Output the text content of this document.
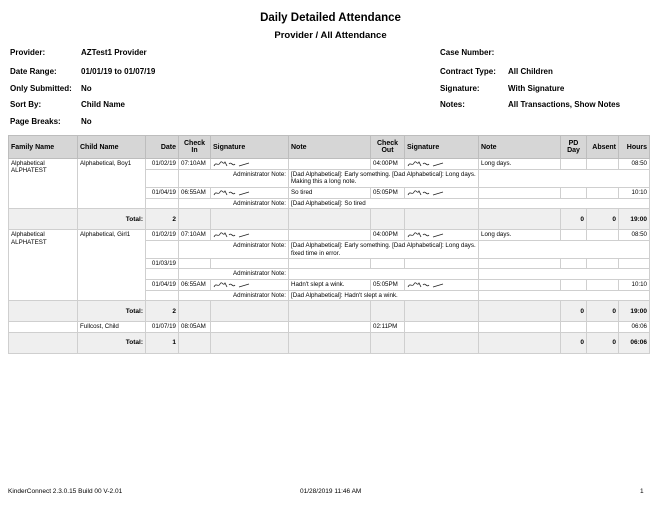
Daily Detailed Attendance
Provider / All Attendance
Provider:	AZTest1 Provider
Date Range:	01/01/19 to 01/07/19
Only Submitted: No
Sort By:	Child Name
Page Breaks:	No
Case Number:
Contract Type: All Children
Signature:	With Signature
Notes:	All Transactions, Show Notes
Family Name	Child Name	Date	Check In	Signature	Note	Check Out	Signature	Note	PD Day	Absent	Hours
Alphabetical ALPHATEST	Alphabetical, Boy1	01/02/19	07:10AM			04:00PM		Long days.			08:50
			Administrator Note:		[Dad Alphabetical]: Early something. [Dad Alphabetical]: Long days. Making this a long note.						
		01/04/19	06:55AM		So tired	05:05PM					10:10
			Administrator Note:		[Dad Alphabetical]: So tired						
	Total:	2							0	0	19:00
Alphabetical ALPHATEST	Alphabetical, Girl1	01/02/19	07:10AM			04:00PM		Long days.			08:50
			Administrator Note:		[Dad Alphabetical]: Early something. [Dad Alphabetical]: Long days. fixed time in error.						
		01/03/19									
			Administrator Note:								
		01/04/19	06:55AM		Hadn't slept a wink.	05:05PM					10:10
			Administrator Note:		[Dad Alphabetical]: Hadn't slept a wink.						
	Total:	2							0	0	19:00
	Fullcost, Child	01/07/19	08:05AM			02:11PM					06:06
	Total:	1							0	0	06:06
KinderConnect 2.3.0.15 Build 00 V-2.01	01/28/2019 11:46 AM	1
